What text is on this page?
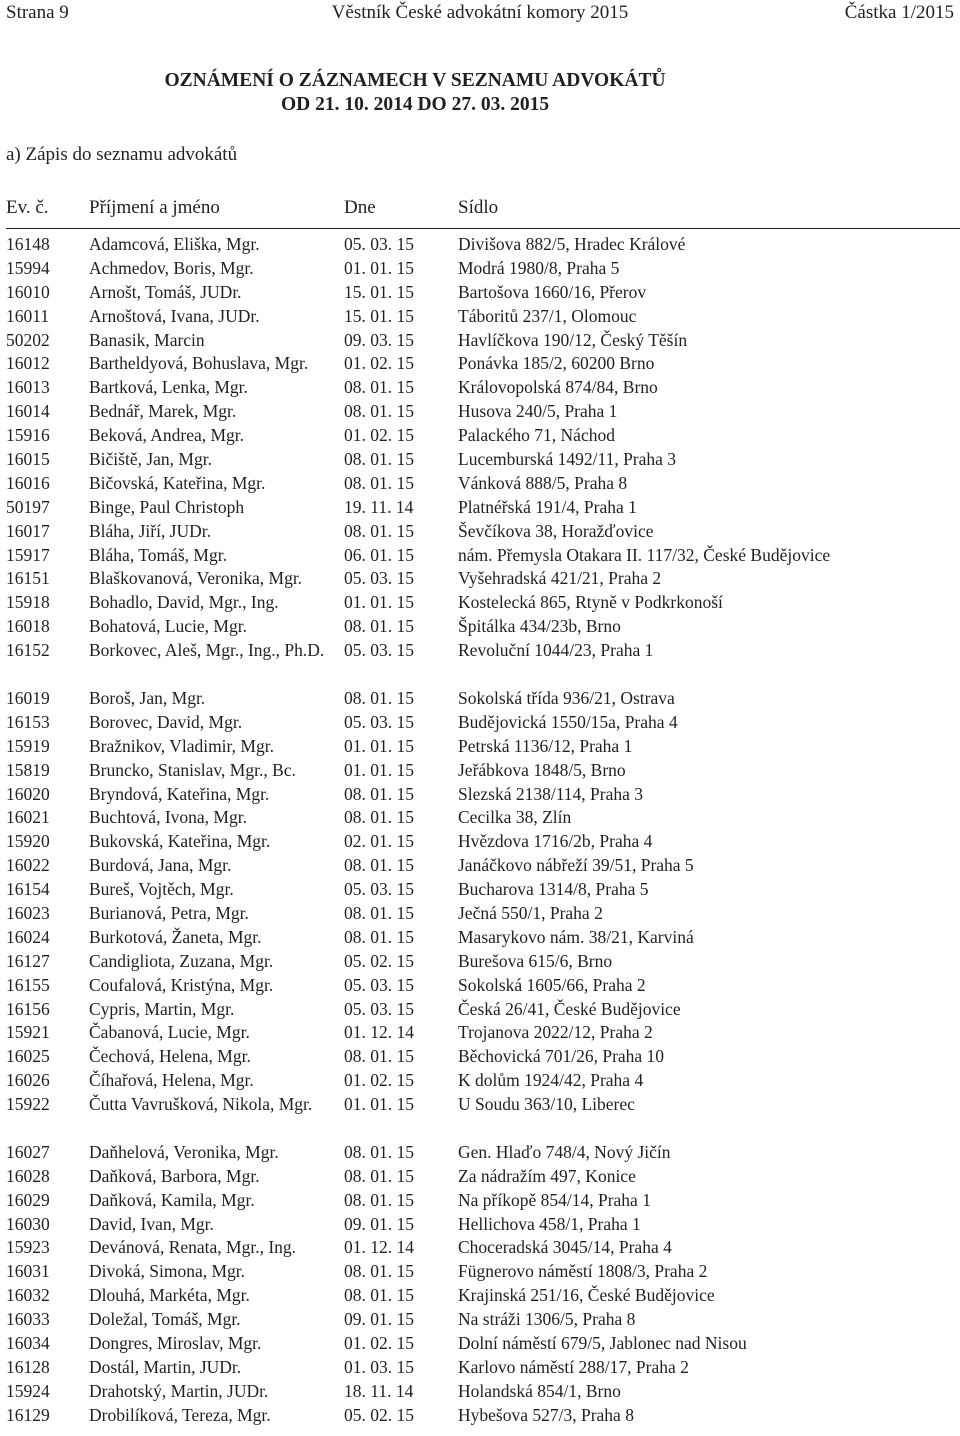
Věstník České advokátní komory 2015
Strana 9	Částka 1/2015
OZNÁMENÍ O ZÁZNAMECH V SEZNAMU ADVOKÁTŮ
OD 21. 10. 2014 DO 27. 03. 2015
a) Zápis do seznamu advokátů
Ev. č. Příjmení a jméno	Dne	Sídlo
16148 Adamcová, Eliška, Mgr.	05. 03. 15	Divišova 882/5, Hradec Králové
15994 Achmedov, Boris, Mgr.	01. 01. 15	Modrá 1980/8, Praha 5
16010 Arnošt, Tomáš, JUDr.	15. 01. 15	Bartošova 1660/16, Přerov
16011 Arnoštová, Ivana, JUDr.	15. 01. 15	Táboritů 237/1, Olomouc
50202 Banasik, Marcin	09. 03. 15	Havlíčkova 190/12, Český Těšín
16012 Bartheldyová, Bohuslava, Mgr.	01. 02. 15	Ponávka 185/2, 60200 Brno
16013 Bartková, Lenka, Mgr.	08. 01. 15	Královopolská 874/84, Brno
16014 Bednář, Marek, Mgr.	08. 01. 15	Husova 240/5, Praha 1
15916 Beková, Andrea, Mgr.	01. 02. 15	Palackého 71, Náchod
16015 Bičiště, Jan, Mgr.	08. 01. 15	Lucemburská 1492/11, Praha 3
16016 Bičovská, Kateřina, Mgr.	08. 01. 15	Vánková 888/5, Praha 8
50197 Binge, Paul Christoph	19. 11. 14	Platnéřská 191/4, Praha 1
16017 Bláha, Jiří, JUDr.	08. 01. 15	Ševčíkova 38, Horažďovice
15917 Bláha, Tomáš, Mgr.	06. 01. 15	nám. Přemysla Otakara II. 117/32, České Budějovice
16151 Blaškovanová, Veronika, Mgr.	05. 03. 15	Vyšehradská 421/21, Praha 2
15918 Bohadlo, David, Mgr., Ing.	01. 01. 15	Kostelecká 865, Rtyně v Podkrkonoší
16018 Bohatová, Lucie, Mgr.	08. 01. 15	Špitálka 434/23b, Brno
16152 Borkovec, Aleš, Mgr., Ing., Ph.D.	05. 03. 15	Revoluční 1044/23, Praha 1
16019 Boroš, Jan, Mgr.	08. 01. 15	Sokolská třída 936/21, Ostrava
16153 Borovec, David, Mgr.	05. 03. 15	Budějovická 1550/15a, Praha 4
15919 Bražnikov, Vladimir, Mgr.	01. 01. 15	Petrská 1136/12, Praha 1
15819 Bruncko, Stanislav, Mgr., Bc.	01. 01. 15	Jeřábkova 1848/5, Brno
16020 Bryndová, Kateřina, Mgr.	08. 01. 15	Slezská 2138/114, Praha 3
16021 Buchtová, Ivona, Mgr.	08. 01. 15	Cecilka 38, Zlín
15920 Bukovská, Kateřina, Mgr.	02. 01. 15	Hvězdova 1716/2b, Praha 4
16022 Burdová, Jana, Mgr.	08. 01. 15	Janáčkovo nábřeží 39/51, Praha 5
16154 Bureš, Vojtěch, Mgr.	05. 03. 15	Bucharova 1314/8, Praha 5
16023 Burianová, Petra, Mgr.	08. 01. 15	Ječná 550/1, Praha 2
16024 Burkotová, Žaneta, Mgr.	08. 01. 15	Masarykovo nám. 38/21, Karviná
16127 Candigliota, Zuzana, Mgr.	05. 02. 15	Burešova 615/6, Brno
16155 Coufalová, Kristýna, Mgr.	05. 03. 15	Sokolská 1605/66, Praha 2
16156 Cypris, Martin, Mgr.	05. 03. 15	Česká 26/41, České Budějovice
15921 Čabanová, Lucie, Mgr.	01. 12. 14	Trojanova 2022/12, Praha 2
16025 Čechová, Helena, Mgr.	08. 01. 15	Běchovická 701/26, Praha 10
16026 Číhařová, Helena, Mgr.	01. 02. 15	K dolům 1924/42, Praha 4
15922 Čutta Vavrušková, Nikola, Mgr.	01. 01. 15	U Soudu 363/10, Liberec
16027 Daňhelová, Veronika, Mgr.	08. 01. 15	Gen. Hlaďo 748/4, Nový Jičín
16028 Daňková, Barbora, Mgr.	08. 01. 15	Za nádražím 497, Konice
16029 Daňková, Kamila, Mgr.	08. 01. 15	Na příkopě 854/14, Praha 1
16030 David, Ivan, Mgr.	09. 01. 15	Hellichova 458/1, Praha 1
15923 Devánová, Renata, Mgr., Ing.	01. 12. 14	Choceradská 3045/14, Praha 4
16031 Divoká, Simona, Mgr.	08. 01. 15	Fügnerovo náměstí 1808/3, Praha 2
16032 Dlouhá, Markéta, Mgr.	08. 01. 15	Krajinská 251/16, České Budějovice
16033 Doležal, Tomáš, Mgr.	09. 01. 15	Na stráži 1306/5, Praha 8
16034 Dongres, Miroslav, Mgr.	01. 02. 15	Dolní náměstí 679/5, Jablonec nad Nisou
16128 Dostál, Martin, JUDr.	01. 03. 15	Karlovo náměstí 288/17, Praha 2
15924 Drahotský, Martin, JUDr.	18. 11. 14	Holandská 854/1, Brno
16129 Drobilíková, Tereza, Mgr.	05. 02. 15	Hybešova 527/3, Praha 8
